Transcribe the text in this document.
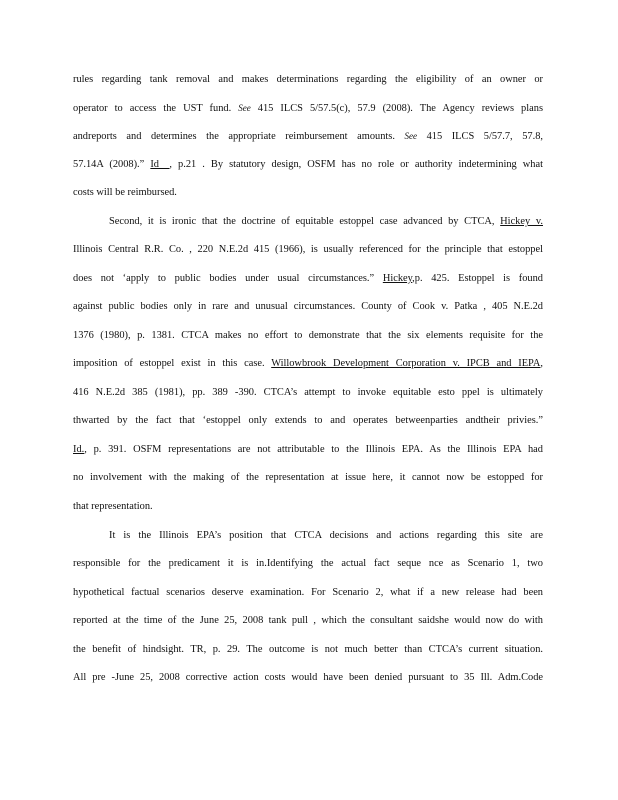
rules regarding tank removal and makes determinations regarding the eligibility of an owner or
operator to access the UST fund. See 415 ILCS 5/57.5(c), 57.9 (2008). The Agency reviews plans
andreports and determines the appropriate reimbursement amounts. See 415 ILCS 5/57.7, 57.8,
57.14A (2008).” Id__, p.21 . By statutory design, OSFM has no role or authority indetermining what
costs will be reimbursed.
Second, it is ironic that the doctrine of equitable estoppel case advanced by CTCA, Hickey v.
Illinois Central R.R. Co. , 220 N.E.2d 415 (1966), is usually referenced for the principle that estoppel
does not ‘apply to public bodies under usual circumstances.” Hickey,p. 425. Estoppel is found
against public bodies only in rare and unusual circumstances. County of Cook v. Patka , 405 N.E.2d
1376 (1980), p. 1381. CTCA makes no effort to demonstrate that the six elements requisite for the
imposition of estoppel exist in this case. Willowbrook Development Corporation v. IPCB and IEPA,
416 N.E.2d 385 (1981), pp. 389 -390. CTCA’s attempt to invoke equitable esto ppel is ultimately
thwarted by the fact that ‘estoppel only extends to and operates betweenparties andtheir privies.”
Id., p. 391. OSFM representations are not attributable to the Illinois EPA. As the Illinois EPA had
no involvement with the making of the representation at issue here, it cannot now be estopped for
that representation.
It is the Illinois EPA’s position that CTCA decisions and actions regarding this site are
responsible for the predicament it is in.Identifying the actual fact seque nce as Scenario 1, two
hypothetical factual scenarios deserve examination. For Scenario 2, what if a new release had been
reported at the time of the June 25, 2008 tank pull , which the consultant saidshe would now do with
the benefit of hindsight. TR, p. 29. The outcome is not much better than CTCA’s current situation.
All pre -June 25, 2008 corrective action costs would have been denied pursuant to 35 Ill. Adm.Code
